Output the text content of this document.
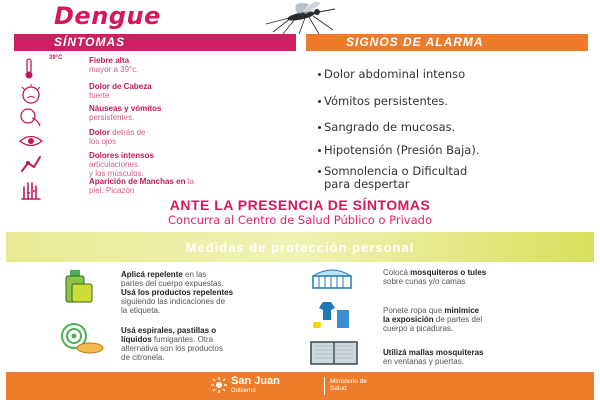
Dengue
SÍNTOMAS	SIGNOS DE ALARMA
39°C	Fiebre alta
mayor a 39°c.
Dolor de Cabeza
fuerte
Náuseas y vómitos
persistentes.
Dolor detrás de
los ojos
Dolores intensos
articulaciones
y los músculos.
Aparición de Manchas en la
piel. Picazón
Dolor abdominal intenso
Vómitos persistentes.
Sangrado de mucosas.
Hipotensión (Presión Baja).
Somnolencia o Dificultad
para despertar
ANTE LA PRESENCIA DE SÍNTOMAS
Concurra al Centro de Salud Público o Privado
Medidas de protección personal
Aplicá repelente en las
partes del cuerpo expuestas.
Usá los productos repelentes
siguiendo las indicaciones de
la etiqueta.
Usá espirales, pastillas o
líquidos fumigantes. Otra
alternativa son los productos
de citronela.
Colocá mosquiteros o tules
sobre cunas y/o camas
Ponete ropa que minimice
la exposición de partes del
cuerpo a picaduras.
Utilizá mallas mosquiteras
en ventanas y puertas.
San Juan
Gobierno
Ministerio de
Salud
